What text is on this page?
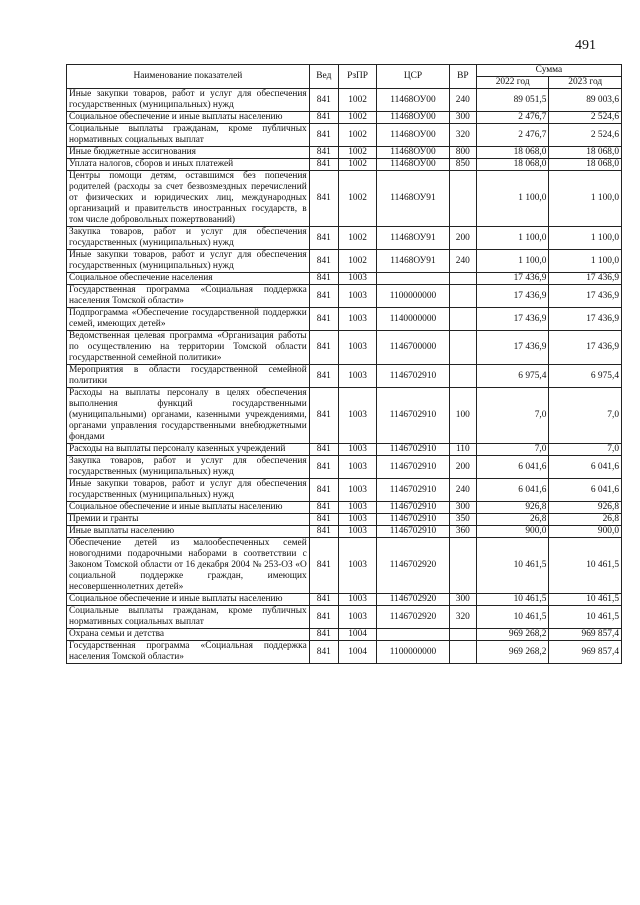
491
Наименование показателей	Вед	РзПР	ЦСР	ВР	Сумма	
					2022 год	2023 год
Иные закупки товаров, работ и услуг для обеспечения государственных (муниципальных) нужд	841	1002	11468ОУ00	240	89 051,5	89 003,6
Социальное обеспечение и иные выплаты населению	841	1002	11468ОУ00	300	2 476,7	2 524,6
Социальные выплаты гражданам, кроме публичных нормативных социальных выплат	841	1002	11468ОУ00	320	2 476,7	2 524,6
Иные бюджетные ассигнования	841	1002	11468ОУ00	800	18 068,0	18 068,0
Уплата налогов, сборов и иных платежей	841	1002	11468ОУ00	850	18 068,0	18 068,0
Центры помощи детям, оставшимся без попечения родителей (расходы за счет безвозмездных перечислений от физических и юридических лиц, международных организаций и правительств иностранных государств, в том числе добровольных пожертвований)	841	1002	11468ОУ91		1 100,0	1 100,0
Закупка товаров, работ и услуг для обеспечения государственных (муниципальных) нужд	841	1002	11468ОУ91	200	1 100,0	1 100,0
Иные закупки товаров, работ и услуг для обеспечения государственных (муниципальных) нужд	841	1002	11468ОУ91	240	1 100,0	1 100,0
Социальное обеспечение населения	841	1003			17 436,9	17 436,9
Государственная программа «Социальная поддержка населения Томской области»	841	1003	1100000000		17 436,9	17 436,9
Подпрограмма «Обеспечение государственной поддержки семей, имеющих детей»	841	1003	1140000000		17 436,9	17 436,9
Ведомственная целевая программа «Организация работы по осуществлению на территории Томской области государственной семейной политики»	841	1003	1146700000		17 436,9	17 436,9
Мероприятия в области государственной семейной политики	841	1003	1146702910		6 975,4	6 975,4
Расходы на выплаты персоналу в целях обеспечения выполнения функций государственными (муниципальными) органами, казенными учреждениями, органами управления государственными внебюджетными фондами	841	1003	1146702910	100	7,0	7,0
Расходы на выплаты персоналу казенных учреждений	841	1003	1146702910	110	7,0	7,0
Закупка товаров, работ и услуг для обеспечения государственных (муниципальных) нужд	841	1003	1146702910	200	6 041,6	6 041,6
Иные закупки товаров, работ и услуг для обеспечения государственных (муниципальных) нужд	841	1003	1146702910	240	6 041,6	6 041,6
Социальное обеспечение и иные выплаты населению	841	1003	1146702910	300	926,8	926,8
Премии и гранты	841	1003	1146702910	350	26,8	26,8
Иные выплаты населению	841	1003	1146702910	360	900,0	900,0
Обеспечение детей из малообеспеченных семей новогодними подарочными наборами в соответствии с Законом Томской области от 16 декабря 2004 № 253-ОЗ «О социальной поддержке граждан, имеющих несовершеннолетних детей»	841	1003	1146702920		10 461,5	10 461,5
Социальное обеспечение и иные выплаты населению	841	1003	1146702920	300	10 461,5	10 461,5
Социальные выплаты гражданам, кроме публичных нормативных социальных выплат	841	1003	1146702920	320	10 461,5	10 461,5
Охрана семьи и детства	841	1004			969 268,2	969 857,4
Государственная программа «Социальная поддержка населения Томской области»	841	1004	1100000000		969 268,2	969 857,4
